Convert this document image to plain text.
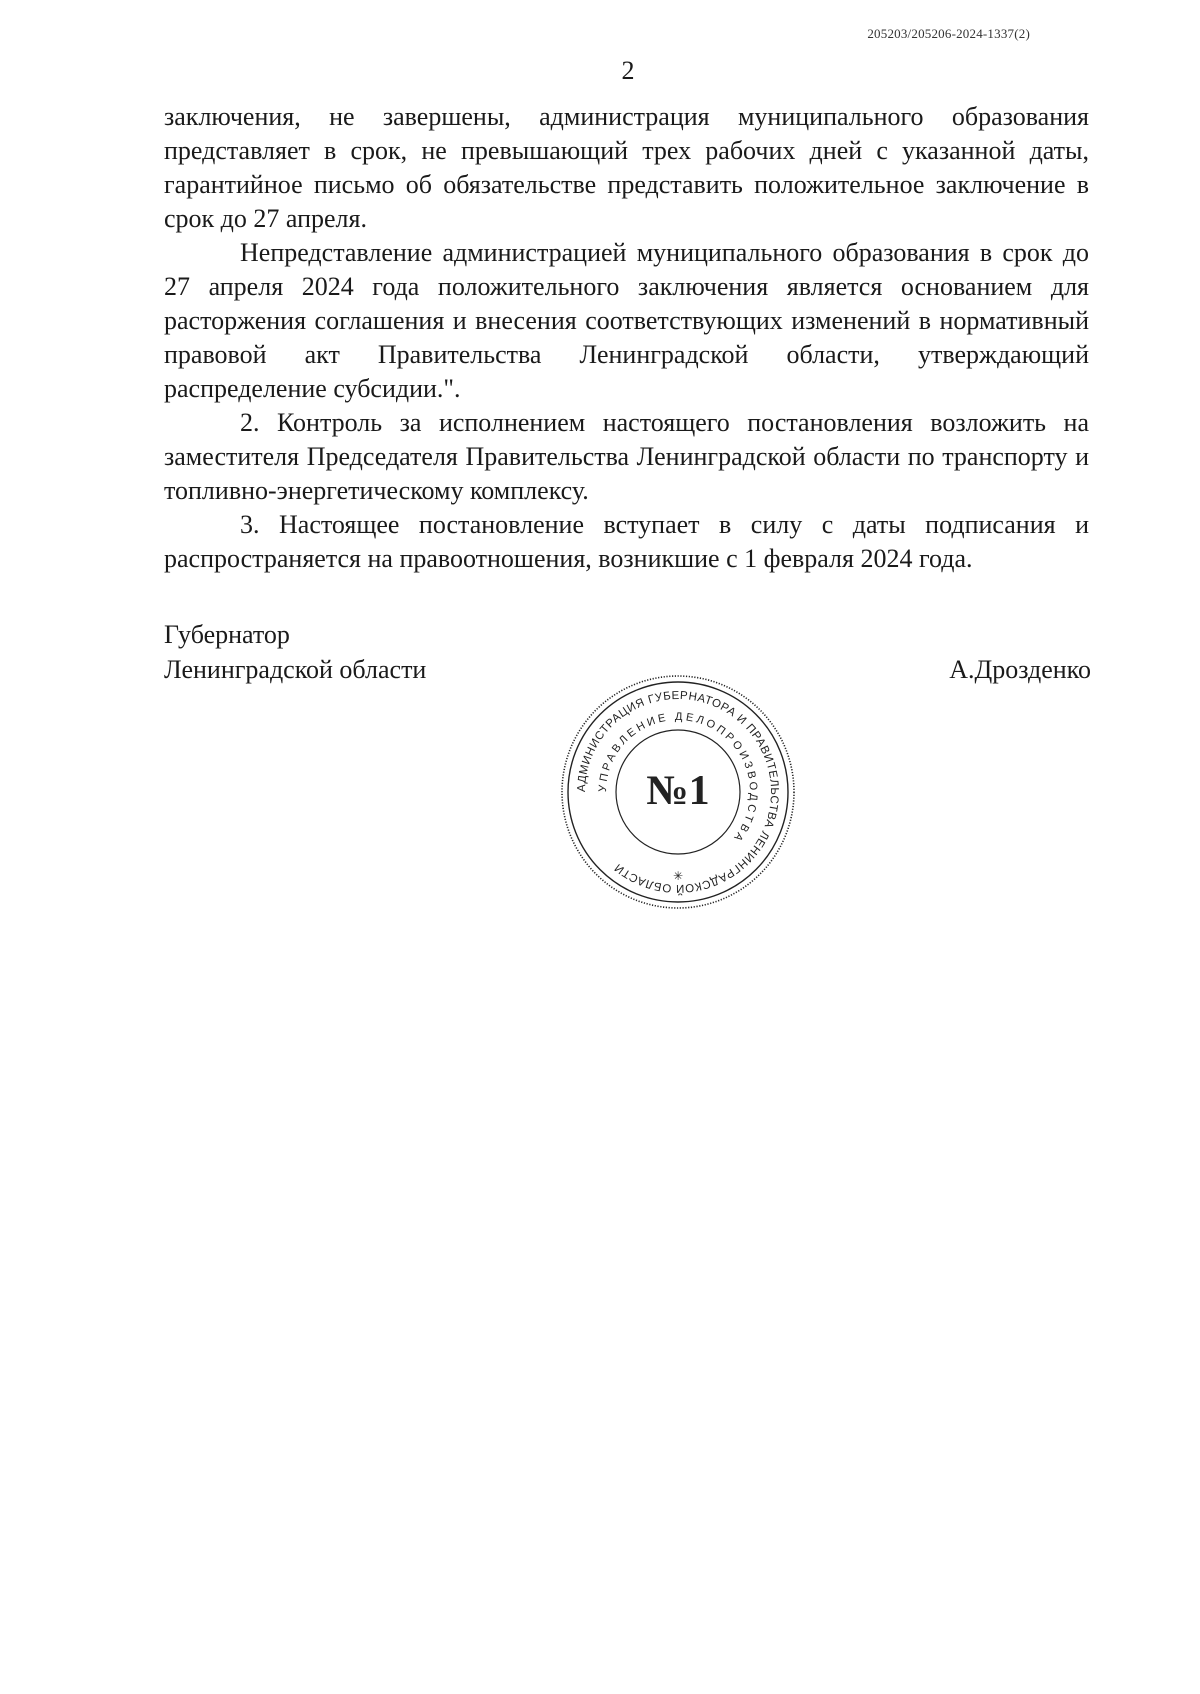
205203/205206-2024-1337(2)
2

заключения, не завершены, администрация муниципального образования представляет в срок, не превышающий трех рабочих дней с указанной даты, гарантийное письмо об обязательстве представить положительное заключение в срок до 27 апреля.

Непредставление администрацией муниципального образования в срок до 27 апреля 2024 года положительного заключения является основанием для расторжения соглашения и внесения соответствующих изменений в нормативный правовой акт Правительства Ленинградской области, утверждающий распределение субсидии.".

2. Контроль за исполнением настоящего постановления возложить на заместителя Председателя Правительства Ленинградской области по транспорту и топливно-энергетическому комплексу.

3. Настоящее постановление вступает в силу с даты подписания и распространяется на правоотношения, возникшие с 1 февраля 2024 года.

Губернатор
Ленинградской области	А.Дрозденко
АДМИНИСТРАЦИЯ ГУБЕРНАТОРА И ПРАВИТЕЛЬСТВА ЛЕНИНГРАДСКОЙ ОБЛАСТИ
УПРАВЛЕНИЕ ДЕЛОПРОИЗВОДСТВА
№1
✳
